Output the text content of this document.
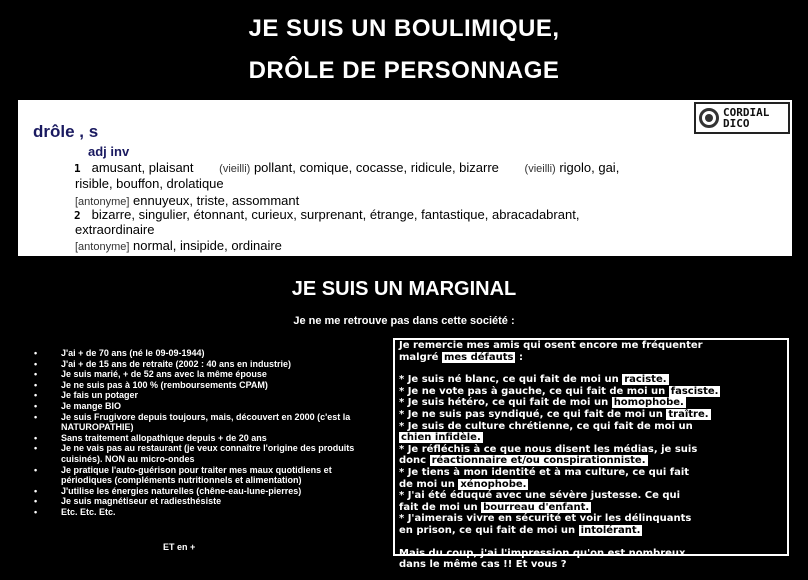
JE SUIS UN BOULIMIQUE,
DRÔLE DE PERSONNAGE
CORDIAL
DICO
drôle , s
adj inv
1 amusant, plaisant (vieilli) pollant, comique, cocasse, ridicule, bizarre (vieilli) rigolo, gai,
risible, bouffon, drolatique
[antonyme] ennuyeux, triste, assommant
2 bizarre, singulier, étonnant, curieux, surprenant, étrange, fantastique, abracadabrant,
extraordinaire
[antonyme] normal, insipide, ordinaire
JE SUIS UN MARGINAL
Je ne me retrouve pas dans cette société :
• J'ai + de 70 ans (né le 09-09-1944)
• J'ai + de 15 ans de retraite (2002 : 40 ans en industrie)
• Je suis marié, + de 52 ans avec la même épouse
• Je ne suis pas à 100 % (remboursements CPAM)
• Je fais un potager
• Je mange BIO
• Je suis Frugivore depuis toujours, mais, découvert en 2000 (c'est la NATUROPATHIE)
• Sans traitement allopathique depuis + de 20 ans
• Je ne vais pas au restaurant (je veux connaître l'origine des produits cuisinés). NON au micro-ondes
• Je pratique l'auto-guérison pour traiter mes maux quotidiens et périodiques (compléments nutritionnels et alimentation)
• J'utilise les énergies naturelles (chêne-eau-lune-pierres)
• Je suis magnétiseur et radiesthésiste
• Etc. Etc. Etc.
ET en +

Je remercie mes amis qui osent encore me fréquenter

malgré mes défauts :

* Je suis né blanc, ce qui fait de moi un raciste.

* Je ne vote pas à gauche, ce qui fait de moi un fasciste.

* Je suis hétéro, ce qui fait de moi un homophobe.

* Je ne suis pas syndiqué, ce qui fait de moi un traître.

* Je suis de culture chrétienne, ce qui fait de moi un
chien infidèle.

* Je réfléchis à ce que nous disent les médias, je suis
donc réactionnaire et/ou conspirationniste.

* Je tiens à mon identité et à ma culture, ce qui fait
de moi un xénophobe.

* J'ai été éduqué avec une sévère justesse. Ce qui
fait de moi un bourreau d'enfant.

* J'aimerais vivre en sécurité et voir les délinquants
en prison, ce qui fait de moi un intolérant.

Mais du coup, j'ai l'impression qu'on est nombreux

dans le même cas !! Et vous ?
